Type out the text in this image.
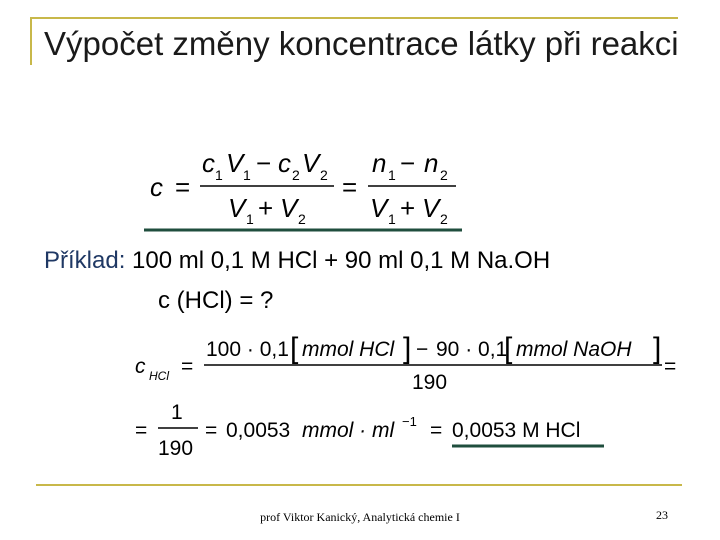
Výpočet změny koncentrace látky při reakci
c =
c 1 V 1 − c 2 V 2
V 1 + V 2
=
n 1 − n 2
V 1 + V 2
c HCl =
100 · 0,1 [ mmol HCl ] − 90 · 0,1
[ mmol NaOH ]
=
190
=
1
190
= 0,0053 mmol · ml −1 = 0,0053 M HCl
Příklad: 100 ml 0,1 M HCl + 90 ml 0,1 M Na.OH
c (HCl) = ?
prof Viktor Kanický, Analytická chemie I	23
